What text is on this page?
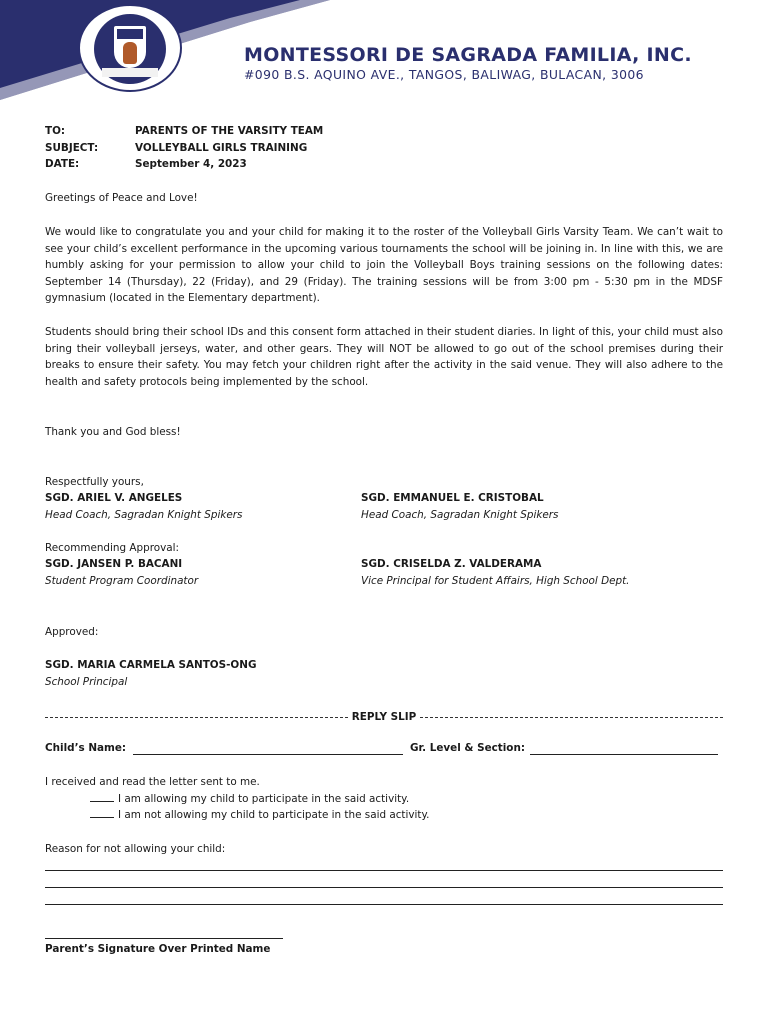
MONTESSORI DE SAGRADA FAMILIA, INC.
#090 B.S. AQUINO AVE., TANGOS, BALIWAG, BULACAN, 3006
TO:	PARENTS OF THE VARSITY TEAM
SUBJECT:	VOLLEYBALL GIRLS TRAINING
DATE:	September 4, 2023
Greetings of Peace and Love!

We would like to congratulate you and your child for making it to the roster of the Volleyball Girls Varsity Team. We can’t wait to see your child’s excellent performance in the upcoming various tournaments the school will be joining in. In line with this, we are humbly asking for your permission to allow your child to join the Volleyball Boys training sessions on the following dates: September 14 (Thursday), 22 (Friday), and 29 (Friday). The training sessions will be from 3:00 pm - 5:30 pm in the MDSF gymnasium (located in the Elementary department).

Students should bring their school IDs and this consent form attached in their student diaries. In light of this, your child must also bring their volleyball jerseys, water, and other gears. They will NOT be allowed to go out of the school premises during their breaks to ensure their safety. You may fetch your children right after the activity in the said venue. They will also adhere to the health and safety protocols being implemented by the school.

Thank you and God bless!
Respectfully yours,
SGD. ARIEL V. ANGELES
Head Coach, Sagradan Knight Spikers
SGD. EMMANUEL E. CRISTOBAL
Head Coach, Sagradan Knight Spikers
Recommending Approval:
SGD. JANSEN P. BACANI
Student Program Coordinator
SGD. CRISELDA Z. VALDERAMA
Vice Principal for Student Affairs, High School Dept.
Approved:
SGD. MARIA CARMELA SANTOS-ONG
School Principal
REPLY SLIP
Child’s Name:	Gr. Level & Section:
I received and read the letter sent to me.
I am allowing my child to participate in the said activity.
I am not allowing my child to participate in the said activity.
Reason for not allowing your child:
Parent’s Signature Over Printed Name
